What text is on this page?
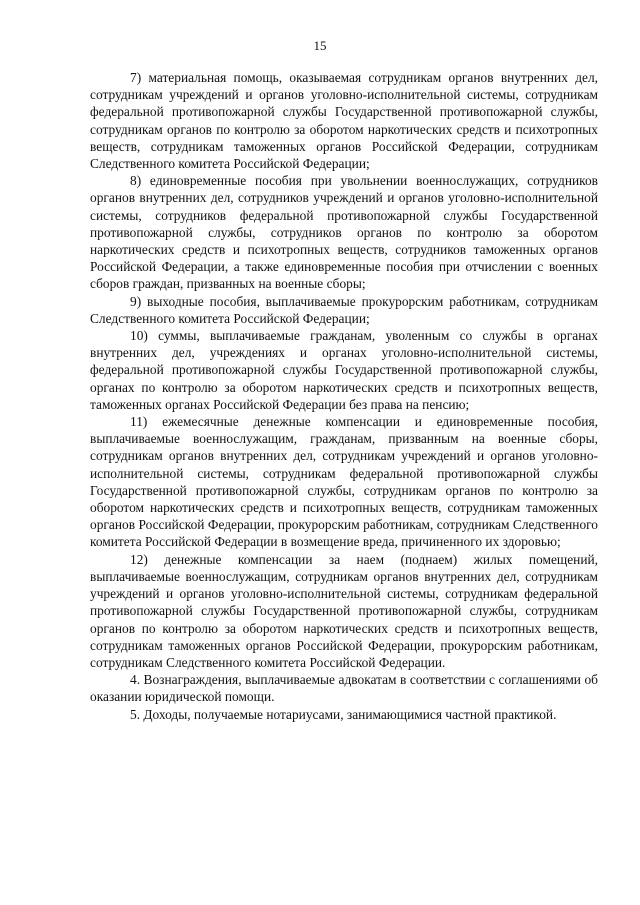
15

7) материальная помощь, оказываемая сотрудникам органов внутренних дел, сотрудникам учреждений и органов уголовно-исполнительной системы, сотрудникам федеральной противопожарной службы Государственной противопожарной службы, сотрудникам органов по контролю за оборотом наркотических средств и психотропных веществ, сотрудникам таможенных органов Российской Федерации, сотрудникам Следственного комитета Российской Федерации;

8) единовременные пособия при увольнении военнослужащих, сотрудников органов внутренних дел, сотрудников учреждений и органов уголовно-исполнительной системы, сотрудников федеральной противопожарной службы Государственной противопожарной службы, сотрудников органов по контролю за оборотом наркотических средств и психотропных веществ, сотрудников таможенных органов Российской Федерации, а также единовременные пособия при отчислении с военных сборов граждан, призванных на военные сборы;

9) выходные пособия, выплачиваемые прокурорским работникам, сотрудникам Следственного комитета Российской Федерации;

10) суммы, выплачиваемые гражданам, уволенным со службы в органах внутренних дел, учреждениях и органах уголовно-исполнительной системы, федеральной противопожарной службы Государственной противопожарной службы, органах по контролю за оборотом наркотических средств и психотропных веществ, таможенных органах Российской Федерации без права на пенсию;

11) ежемесячные денежные компенсации и единовременные пособия, выплачиваемые военнослужащим, гражданам, призванным на военные сборы, сотрудникам органов внутренних дел, сотрудникам учреждений и органов уголовно-исполнительной системы, сотрудникам федеральной противопожарной службы Государственной противопожарной службы, сотрудникам органов по контролю за оборотом наркотических средств и психотропных веществ, сотрудникам таможенных органов Российской Федерации, прокурорским работникам, сотрудникам Следственного комитета Российской Федерации в возмещение вреда, причиненного их здоровью;

12) денежные компенсации за наем (поднаем) жилых помещений, выплачиваемые военнослужащим, сотрудникам органов внутренних дел, сотрудникам учреждений и органов уголовно-исполнительной системы, сотрудникам федеральной противопожарной службы Государственной противопожарной службы, сотрудникам органов по контролю за оборотом наркотических средств и психотропных веществ, сотрудникам таможенных органов Российской Федерации, прокурорским работникам, сотрудникам Следственного комитета Российской Федерации.

4. Вознаграждения, выплачиваемые адвокатам в соответствии с соглашениями об оказании юридической помощи.

5. Доходы, получаемые нотариусами, занимающимися частной практикой.
